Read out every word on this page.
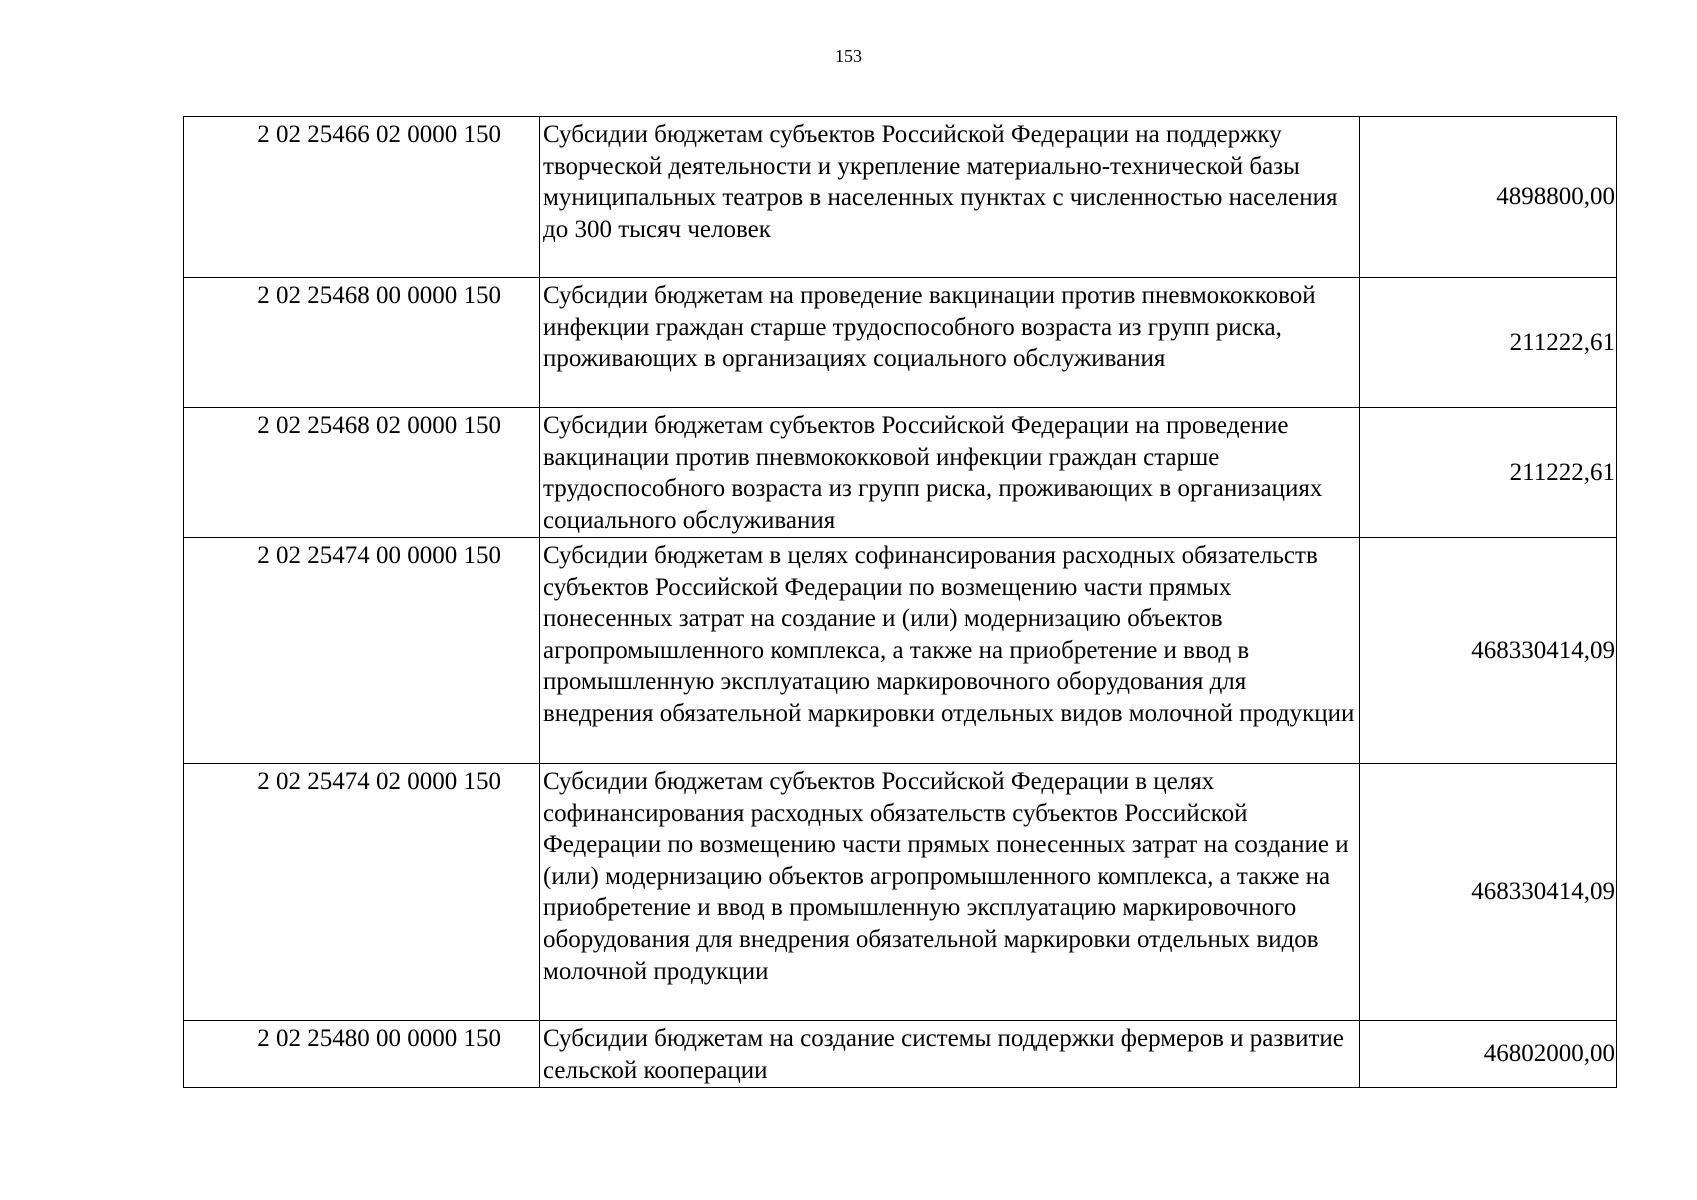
153
2 02 25466 02 0000 150	Субсидии бюджетам субъектов Российской Федерации на поддержку творческой деятельности и укрепление материально-технической базы муниципальных театров в населенных пунктах с численностью населения до 300 тысяч человек	4898800,00
2 02 25468 00 0000 150	Субсидии бюджетам на проведение вакцинации против пневмококковой инфекции граждан старше трудоспособного возраста из групп риска, проживающих в организациях социального обслуживания	211222,61
2 02 25468 02 0000 150	Субсидии бюджетам субъектов Российской Федерации на проведение вакцинации против пневмококковой инфекции граждан старше трудоспособного возраста из групп риска, проживающих в организациях социального обслуживания	211222,61
2 02 25474 00 0000 150	Субсидии бюджетам в целях софинансирования расходных обязательств субъектов Российской Федерации по возмещению части прямых понесенных затрат на создание и (или) модернизацию объектов агропромышленного комплекса, а также на приобретение и ввод в промышленную эксплуатацию маркировочного оборудования для внедрения обязательной маркировки отдельных видов молочной продукции	468330414,09
2 02 25474 02 0000 150	Субсидии бюджетам субъектов Российской Федерации в целях софинансирования расходных обязательств субъектов Российской Федерации по возмещению части прямых понесенных затрат на создание и (или) модернизацию объектов агропромышленного комплекса, а также на приобретение и ввод в промышленную эксплуатацию маркировочного оборудования для внедрения обязательной маркировки отдельных видов молочной продукции	468330414,09
2 02 25480 00 0000 150	Субсидии бюджетам на создание системы поддержки фермеров и развитие сельской кооперации	46802000,00
